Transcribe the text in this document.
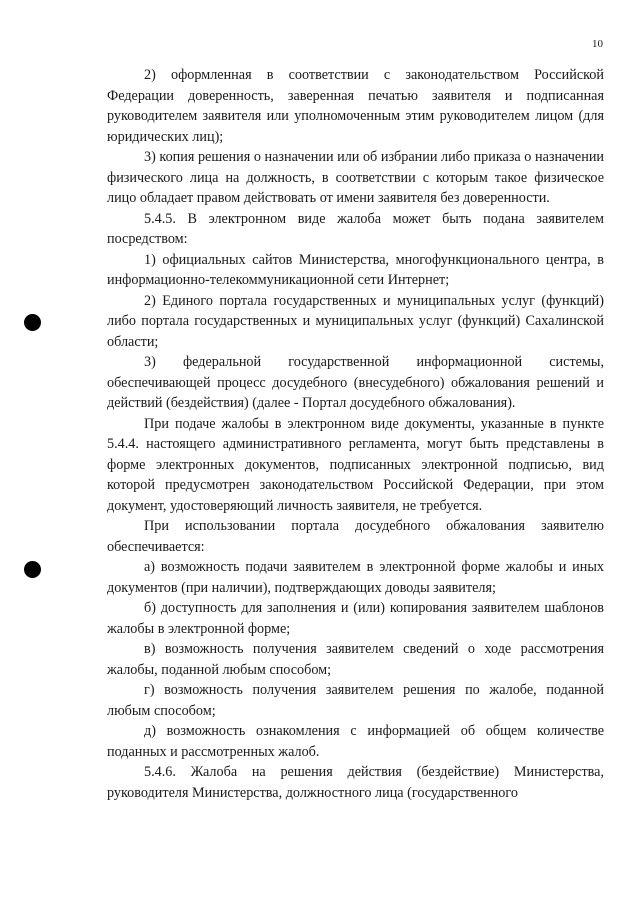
10

2) оформленная в соответствии с законодательством Российской Федерации доверенность, заверенная печатью заявителя и подписанная руководителем заявителя или уполномоченным этим руководителем лицом (для юридических лиц);

3) копия решения о назначении или об избрании либо приказа о назначении физического лица на должность, в соответствии с которым такое физическое лицо обладает правом действовать от имени заявителя без доверенности.

5.4.5. В электронном виде жалоба может быть подана заявителем посредством:

1) официальных сайтов Министерства, многофункционального центра, в информационно-телекоммуникационной сети Интернет;

2) Единого портала государственных и муниципальных услуг (функций) либо портала государственных и муниципальных услуг (функций) Сахалинской области;

3) федеральной государственной информационной системы, обеспечивающей процесс досудебного (внесудебного) обжалования решений и действий (бездействия) (далее - Портал досудебного обжалования).

При подаче жалобы в электронном виде документы, указанные в пункте 5.4.4. настоящего административного регламента, могут быть представлены в форме электронных документов, подписанных электронной подписью, вид которой предусмотрен законодательством Российской Федерации, при этом документ, удостоверяющий личность заявителя, не требуется.

При использовании портала досудебного обжалования заявителю обеспечивается:

а) возможность подачи заявителем в электронной форме жалобы и иных документов (при наличии), подтверждающих доводы заявителя;

б) доступность для заполнения и (или) копирования заявителем шаблонов жалобы в электронной форме;

в) возможность получения заявителем сведений о ходе рассмотрения жалобы, поданной любым способом;

г) возможность получения заявителем решения по жалобе, поданной любым способом;

д) возможность ознакомления с информацией об общем количестве поданных и рассмотренных жалоб.

5.4.6. Жалоба на решения действия (бездействие) Министерства, руководителя Министерства, должностного лица (государственного
